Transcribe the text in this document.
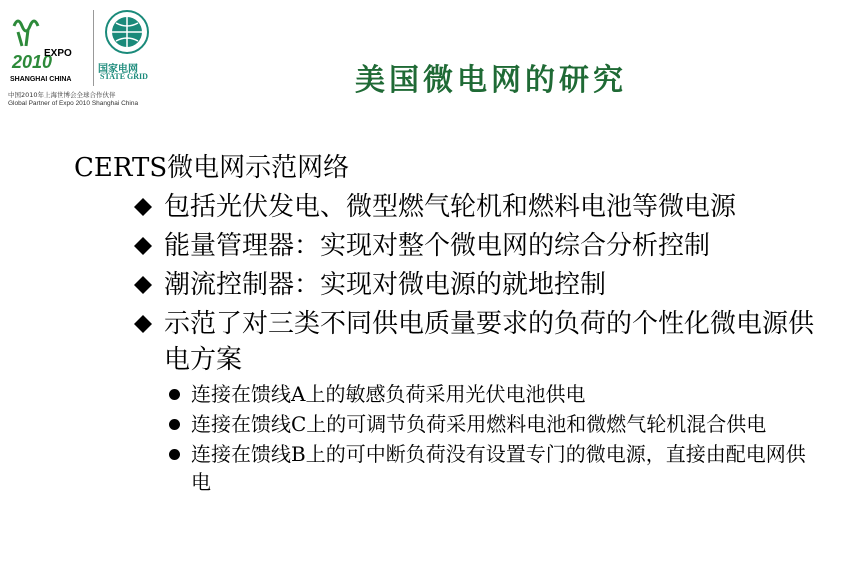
2010
EXPO
SHANGHAI CHINA
国家电网
STATE GRID
中国2010年上海世博会全球合作伙伴
Global Partner of Expo 2010 Shanghai China
美国微电网的研究

CERTS微电网示范网络

包括光伏发电、微型燃气轮机和燃料电池等微电源
能量管理器：实现对整个微电网的综合分析控制
潮流控制器：实现对微电源的就地控制
示范了对三类不同供电质量要求的负荷的个性化微电源供电方案
连接在馈线A上的敏感负荷采用光伏电池供电
连接在馈线C上的可调节负荷采用燃料电池和微燃气轮机混合供电
连接在馈线B上的可中断负荷没有设置专门的微电源，直接由配电网供电
